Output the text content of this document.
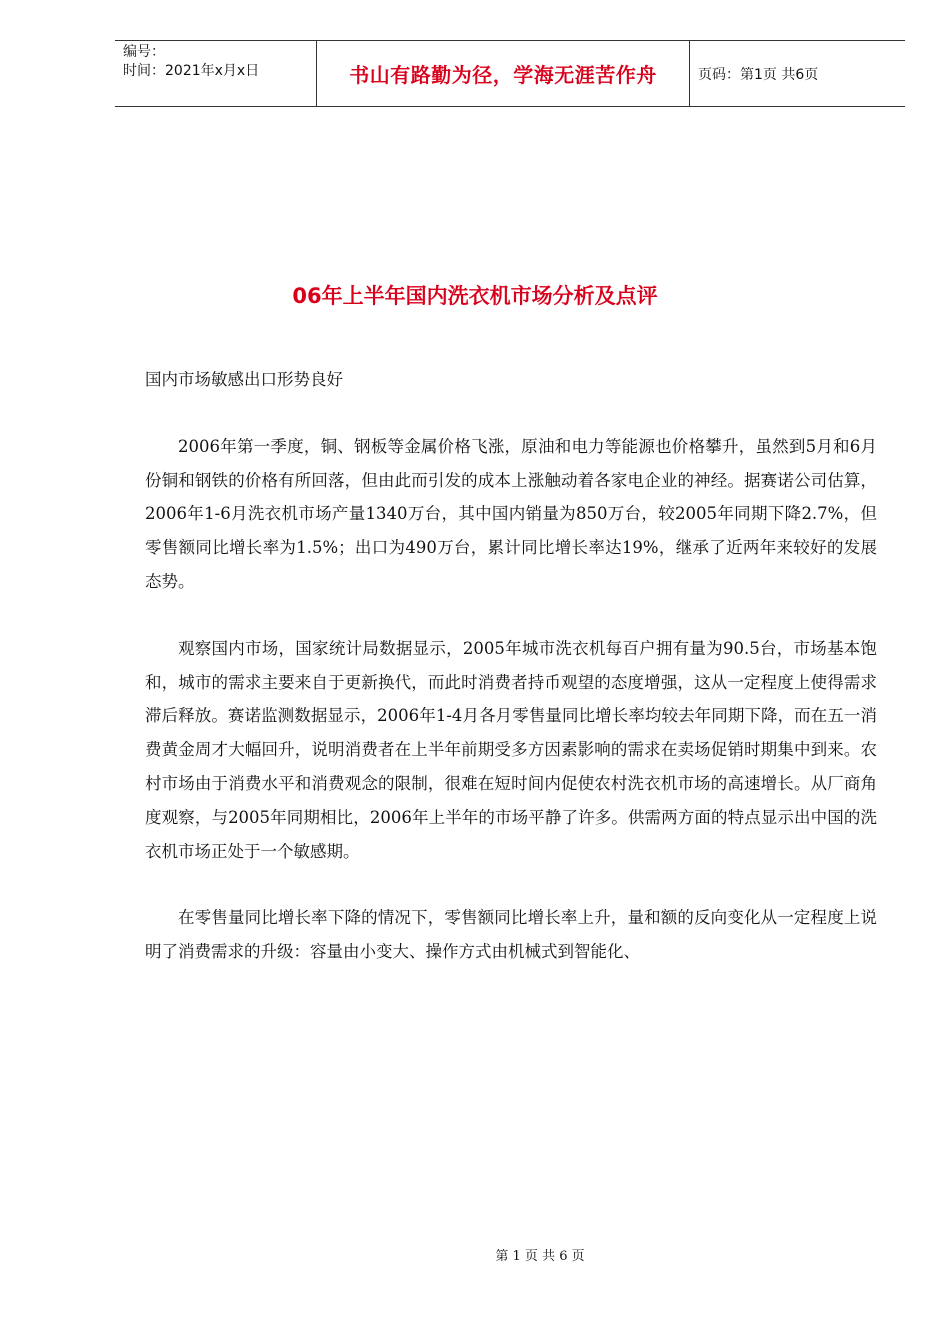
编号：
时间：2021年x月x日	书山有路勤为径，学海无涯苦作舟	页码：第1页 共6页
06年上半年国内洗衣机市场分析及点评

国内市场敏感出口形势良好

2006年第一季度，铜、钢板等金属价格飞涨，原油和电力等能源也价格攀升，虽然到5月和6月份铜和钢铁的价格有所回落，但由此而引发的成本上涨触动着各家电企业的神经。据赛诺公司估算，2006年1-6月洗衣机市场产量1340万台，其中国内销量为850万台，较2005年同期下降2.7%，但零售额同比增长率为1.5%；出口为490万台，累计同比增长率达19%，继承了近两年来较好的发展态势。

观察国内市场，国家统计局数据显示，2005年城市洗衣机每百户拥有量为90.5台，市场基本饱和，城市的需求主要来自于更新换代，而此时消费者持币观望的态度增强，这从一定程度上使得需求滞后释放。赛诺监测数据显示，2006年1-4月各月零售量同比增长率均较去年同期下降，而在五一消费黄金周才大幅回升，说明消费者在上半年前期受多方因素影响的需求在卖场促销时期集中到来。农村市场由于消费水平和消费观念的限制，很难在短时间内促使农村洗衣机市场的高速增长。从厂商角度观察，与2005年同期相比，2006年上半年的市场平静了许多。供需两方面的特点显示出中国的洗衣机市场正处于一个敏感期。

在零售量同比增长率下降的情况下，零售额同比增长率上升，量和额的反向变化从一定程度上说明了消费需求的升级：容量由小变大、操作方式由机械式到智能化、

第 1 页 共 6 页
